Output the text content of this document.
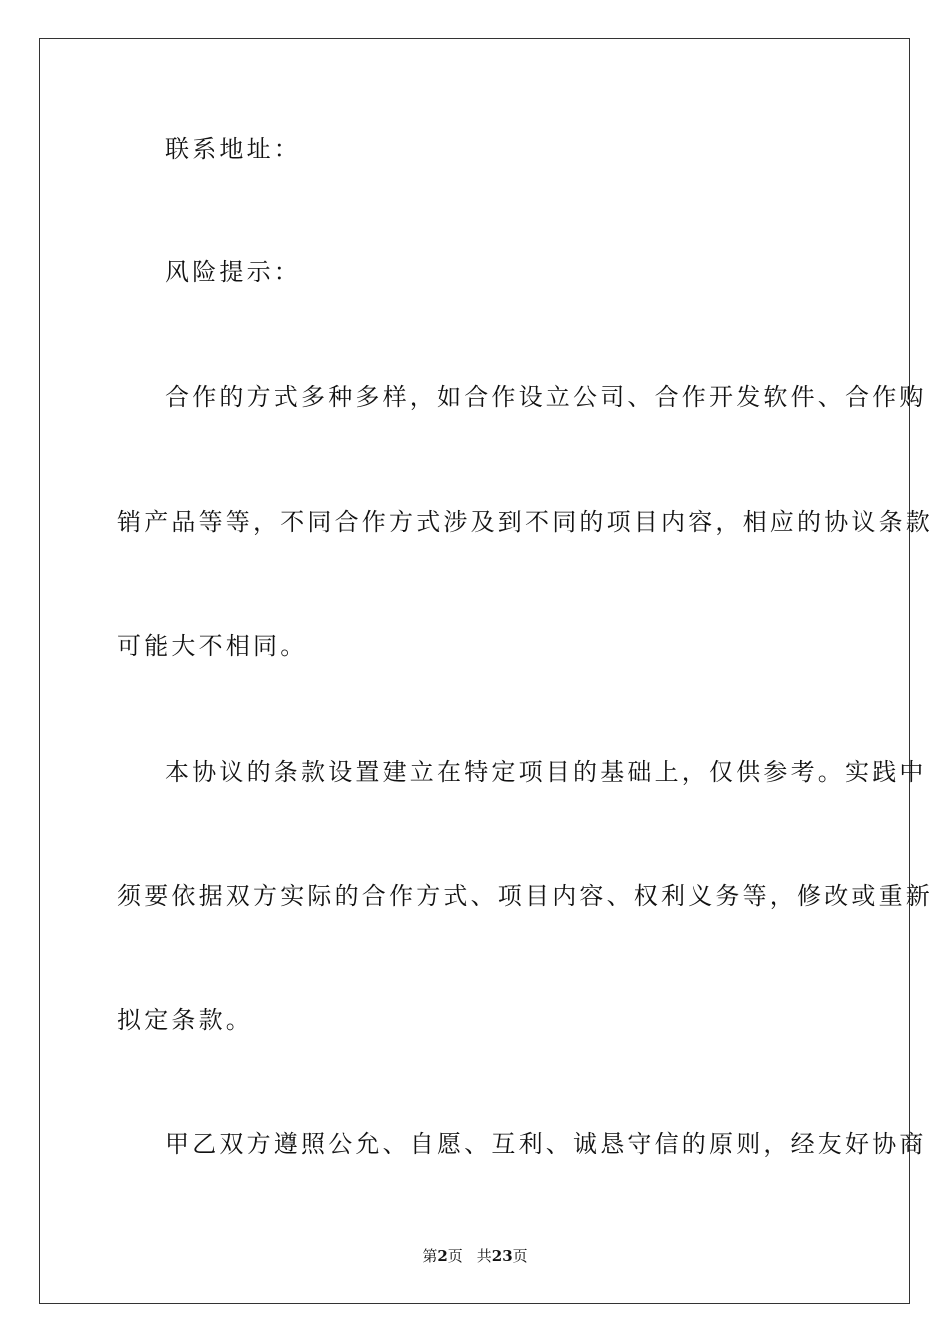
联系地址：

风险提示：

合作的方式多种多样，如合作设立公司、合作开发软件、合作购

销产品等等，不同合作方式涉及到不同的项目内容，相应的协议条款

可能大不相同。

本协议的条款设置建立在特定项目的基础上，仅供参考。实践中

须要依据双方实际的合作方式、项目内容、权利义务等，修改或重新

拟定条款。

甲乙双方遵照公允、自愿、互利、诚恳守信的原则，经友好协商

第2页 共23页
